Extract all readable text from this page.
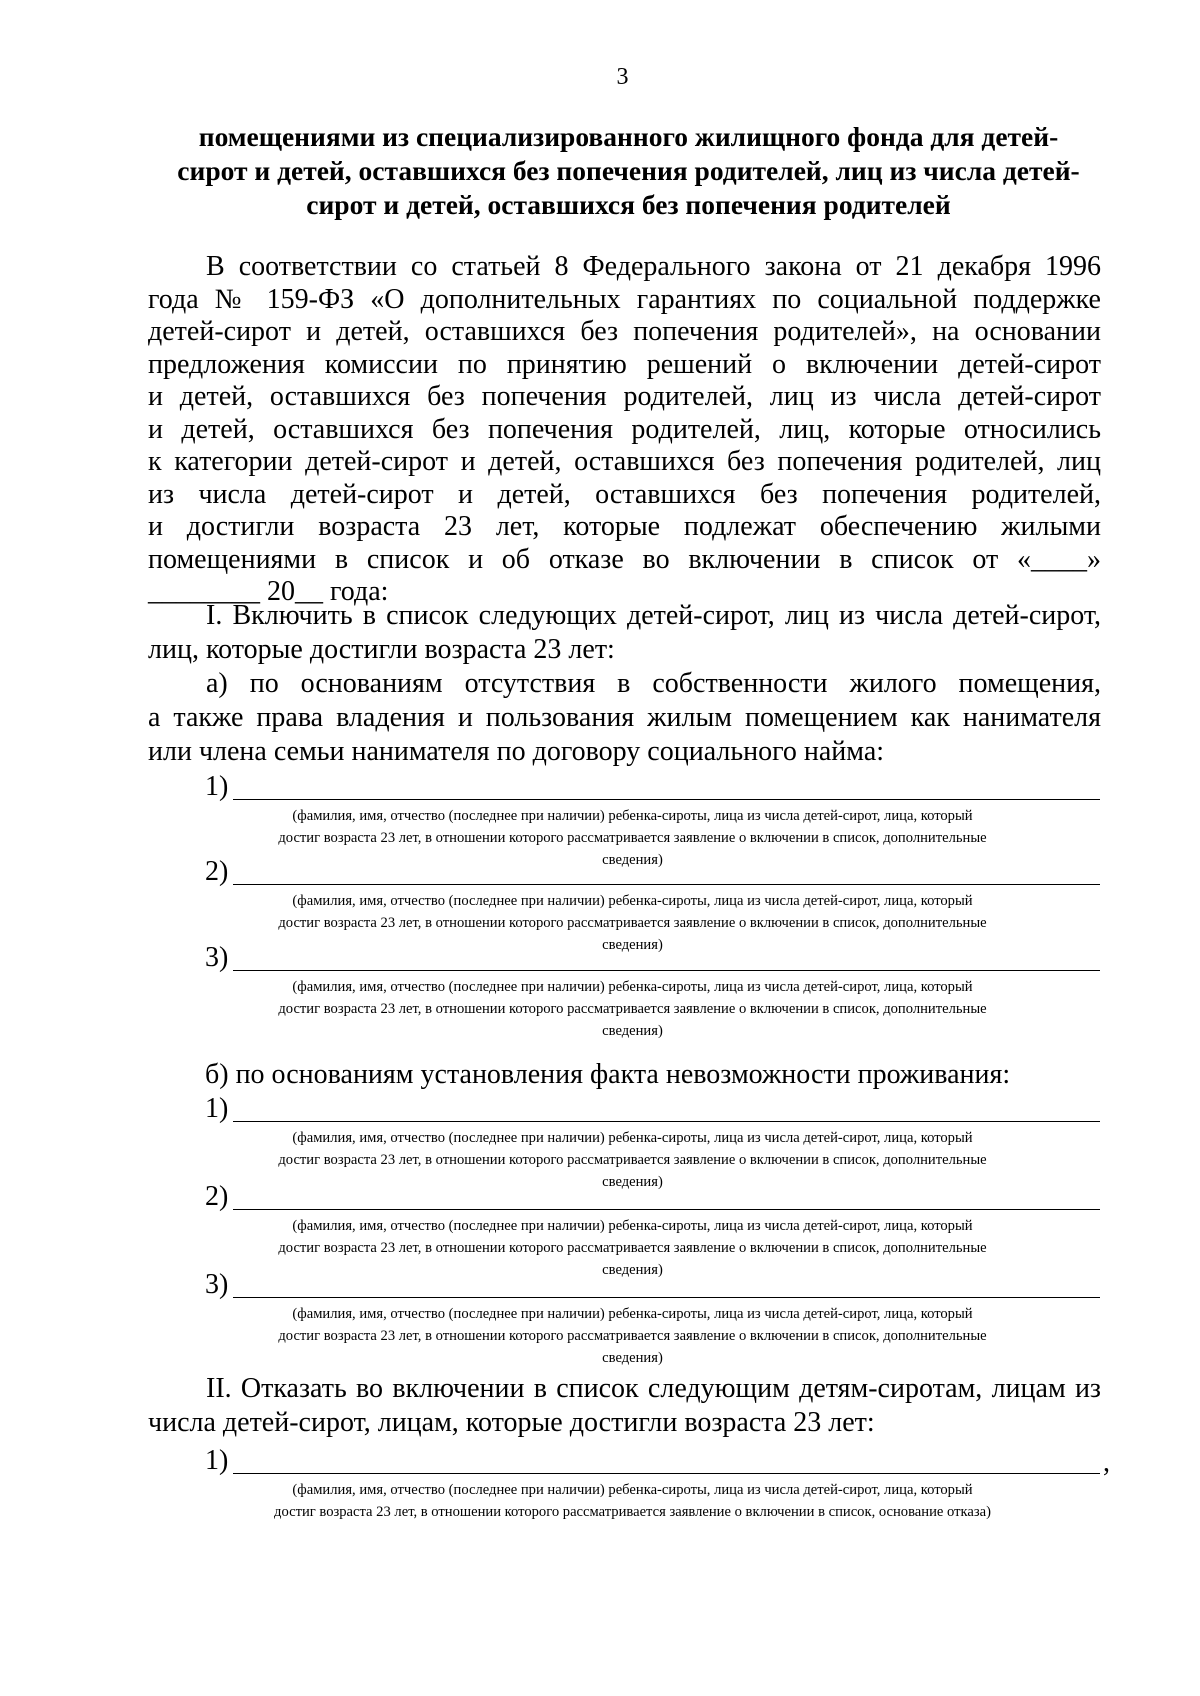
3
помещениями из специализированного жилищного фонда для детей-
сирот и детей, оставшихся без попечения родителей, лиц из числа детей-
сирот и детей, оставшихся без попечения родителей
В соответствии со статьей 8 Федерального закона от 21 декабря 1996
года № 159-ФЗ «О дополнительных гарантиях по социальной поддержке
детей-сирот и детей, оставшихся без попечения родителей», на основании
предложения комиссии по принятию решений о включении детей-сирот
и детей, оставшихся без попечения родителей, лиц из числа детей-сирот
и детей, оставшихся без попечения родителей, лиц, которые относились
к категории детей-сирот и детей, оставшихся без попечения родителей, лиц
из числа детей-сирот и детей, оставшихся без попечения родителей,
и достигли возраста 23 лет, которые подлежат обеспечению жилыми
помещениями в список и об отказе во включении в список от «____»
________ 20__ года:
I. Включить в список следующих детей-сирот, лиц из числа детей-сирот,
лиц, которые достигли возраста 23 лет:
а) по основаниям отсутствия в собственности жилого помещения,
а также права владения и пользования жилым помещением как нанимателя
или члена семьи нанимателя по договору социального найма:
1)
(фамилия, имя, отчество (последнее при наличии) ребенка-сироты, лица из числа детей-сирот, лица, который
достиг возраста 23 лет, в отношении которого рассматривается заявление о включении в список, дополнительные
сведения)
2)
(фамилия, имя, отчество (последнее при наличии) ребенка-сироты, лица из числа детей-сирот, лица, который
достиг возраста 23 лет, в отношении которого рассматривается заявление о включении в список, дополнительные
сведения)
3)
(фамилия, имя, отчество (последнее при наличии) ребенка-сироты, лица из числа детей-сирот, лица, который
достиг возраста 23 лет, в отношении которого рассматривается заявление о включении в список, дополнительные
сведения)
б) по основаниям установления факта невозможности проживания:
1)
(фамилия, имя, отчество (последнее при наличии) ребенка-сироты, лица из числа детей-сирот, лица, который
достиг возраста 23 лет, в отношении которого рассматривается заявление о включении в список, дополнительные
сведения)
2)
(фамилия, имя, отчество (последнее при наличии) ребенка-сироты, лица из числа детей-сирот, лица, который
достиг возраста 23 лет, в отношении которого рассматривается заявление о включении в список, дополнительные
сведения)
3)
(фамилия, имя, отчество (последнее при наличии) ребенка-сироты, лица из числа детей-сирот, лица, который
достиг возраста 23 лет, в отношении которого рассматривается заявление о включении в список, дополнительные
сведения)
II. Отказать во включении в список следующим детям-сиротам, лицам из
числа детей-сирот, лицам, которые достигли возраста 23 лет:
1)	,
(фамилия, имя, отчество (последнее при наличии) ребенка-сироты, лица из числа детей-сирот, лица, который
достиг возраста 23 лет, в отношении которого рассматривается заявление о включении в список, основание отказа)
